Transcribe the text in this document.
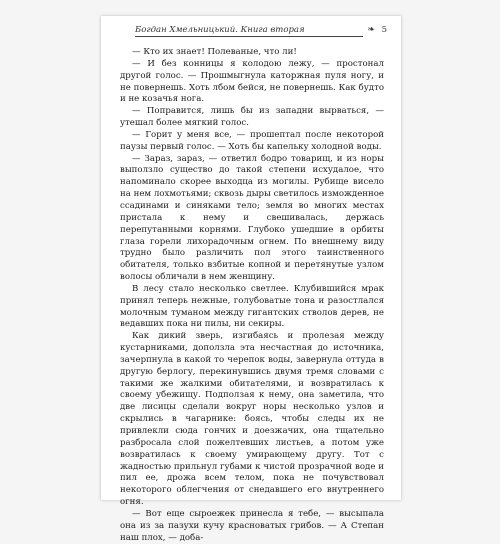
Богдан Хмельницький. Книга вторая	❧ 5

— Кто их знает! Полеваные, что ли!

— И без конницы я колодою лежу, — простонал другой голос. — Прошмыгнула каторжная пуля ногу, и не повернешь. Хоть лбом бейся, не повернешь. Как будто и не козачья нога.

— Поправится, лишь бы из западни вырваться, — утешал более мягкий голос.

— Горит у меня все, — прошептал после некоторой паузы первый голос. — Хоть бы капельку холодной воды.

— Зараз, зараз, — ответил бодро товарищ, и из норы выползло существо до такой степени исхудалое, что напоминало скорее выходца из могилы. Рубище висело на нем лохмотьями; сквозь дыры светилось изможденное ссадинами и синяками тело; земля во многих местах пристала к нему и свешивалась, держась перепутанными корнями. Глубоко ушедшие в орбиты глаза горели лихорадочным огнем. По внешнему виду трудно было различить пол этого таинственного обитателя, только взбитые копной и перетянутые узлом волосы обличали в нем женщину.

В лесу стало несколько светлее. Клубившийся мрак принял теперь нежные, голубоватые тона и разостлался молочным туманом между гигантских стволов дерев, не ведавших пока ни пилы, ни секиры.

Как дикий зверь, изгибаясь и пролезая между кустарниками, доползла эта несчастная до источника, зачерпнула в какой то черепок воды, завернула оттуда в другую берлогу, перекинувшись двумя тремя словами с такими же жалкими обитателями, и возвратилась к своему убежищу. Подползая к нему, она заметила, что две лисицы сделали вокруг норы несколько узлов и скрылись в чагарнике: боясь, чтобы следы их не привлекли сюда гончих и доезжачих, она тщательно разбросала слой пожелтевших листьев, а потом уже возвратилась к своему умирающему другу. Тот с жадностью прильнул губами к чистой прозрачной воде и пил ее, дрожа всем телом, пока не почувствовал некоторого облегчения от снедавшего его внутреннего огня.

— Вот еще сыроежек принесла я тебе, — высыпала она из за пазухи кучу красноватых грибов. — А Степан наш плох, — доба-
